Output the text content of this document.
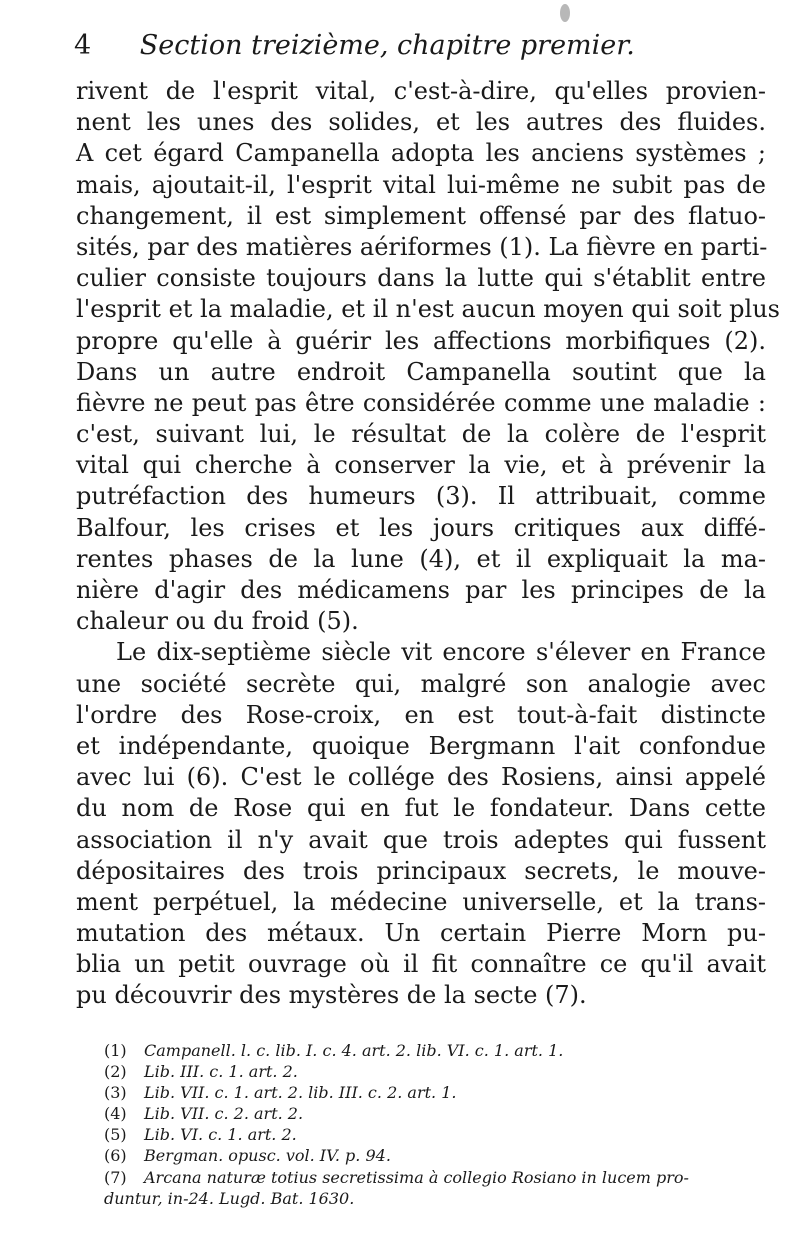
4 Section treizième, chapitre premier.
rivent de l'esprit vital, c'est-à-dire, qu'elles provien-
nent les unes des solides, et les autres des fluides.
A cet égard Campanella adopta les anciens systèmes ;
mais, ajoutait-il, l'esprit vital lui-même ne subit pas de
changement, il est simplement offensé par des flatuo-
sités, par des matières aériformes (1). La fièvre en parti-
culier consiste toujours dans la lutte qui s'établit entre
l'esprit et la maladie, et il n'est aucun moyen qui soit plus
propre qu'elle à guérir les affections morbifiques (2).
Dans un autre endroit Campanella soutint que la
fièvre ne peut pas être considérée comme une maladie :
c'est, suivant lui, le résultat de la colère de l'esprit
vital qui cherche à conserver la vie, et à prévenir la
putréfaction des humeurs (3). Il attribuait, comme
Balfour, les crises et les jours critiques aux diffé-
rentes phases de la lune (4), et il expliquait la ma-
nière d'agir des médicamens par les principes de la
chaleur ou du froid (5).
Le dix-septième siècle vit encore s'élever en France
une société secrète qui, malgré son analogie avec
l'ordre des Rose-croix, en est tout-à-fait distincte
et indépendante, quoique Bergmann l'ait confondue
avec lui (6). C'est le collége des Rosiens, ainsi appelé
du nom de Rose qui en fut le fondateur. Dans cette
association il n'y avait que trois adeptes qui fussent
dépositaires des trois principaux secrets, le mouve-
ment perpétuel, la médecine universelle, et la trans-
mutation des métaux. Un certain Pierre Morn pu-
blia un petit ouvrage où il fit connaître ce qu'il avait
pu découvrir des mystères de la secte (7).
(1) Campanell. l. c. lib. I. c. 4. art. 2. lib. VI. c. 1. art. 1.
(2) Lib. III. c. 1. art. 2.
(3) Lib. VII. c. 1. art. 2. lib. III. c. 2. art. 1.
(4) Lib. VII. c. 2. art. 2.
(5) Lib. VI. c. 1. art. 2.
(6) Bergman. opusc. vol. IV. p. 94.
(7) Arcana naturæ totius secretissima à collegio Rosiano in lucem pro-
duntur, in-24. Lugd. Bat. 1630.
